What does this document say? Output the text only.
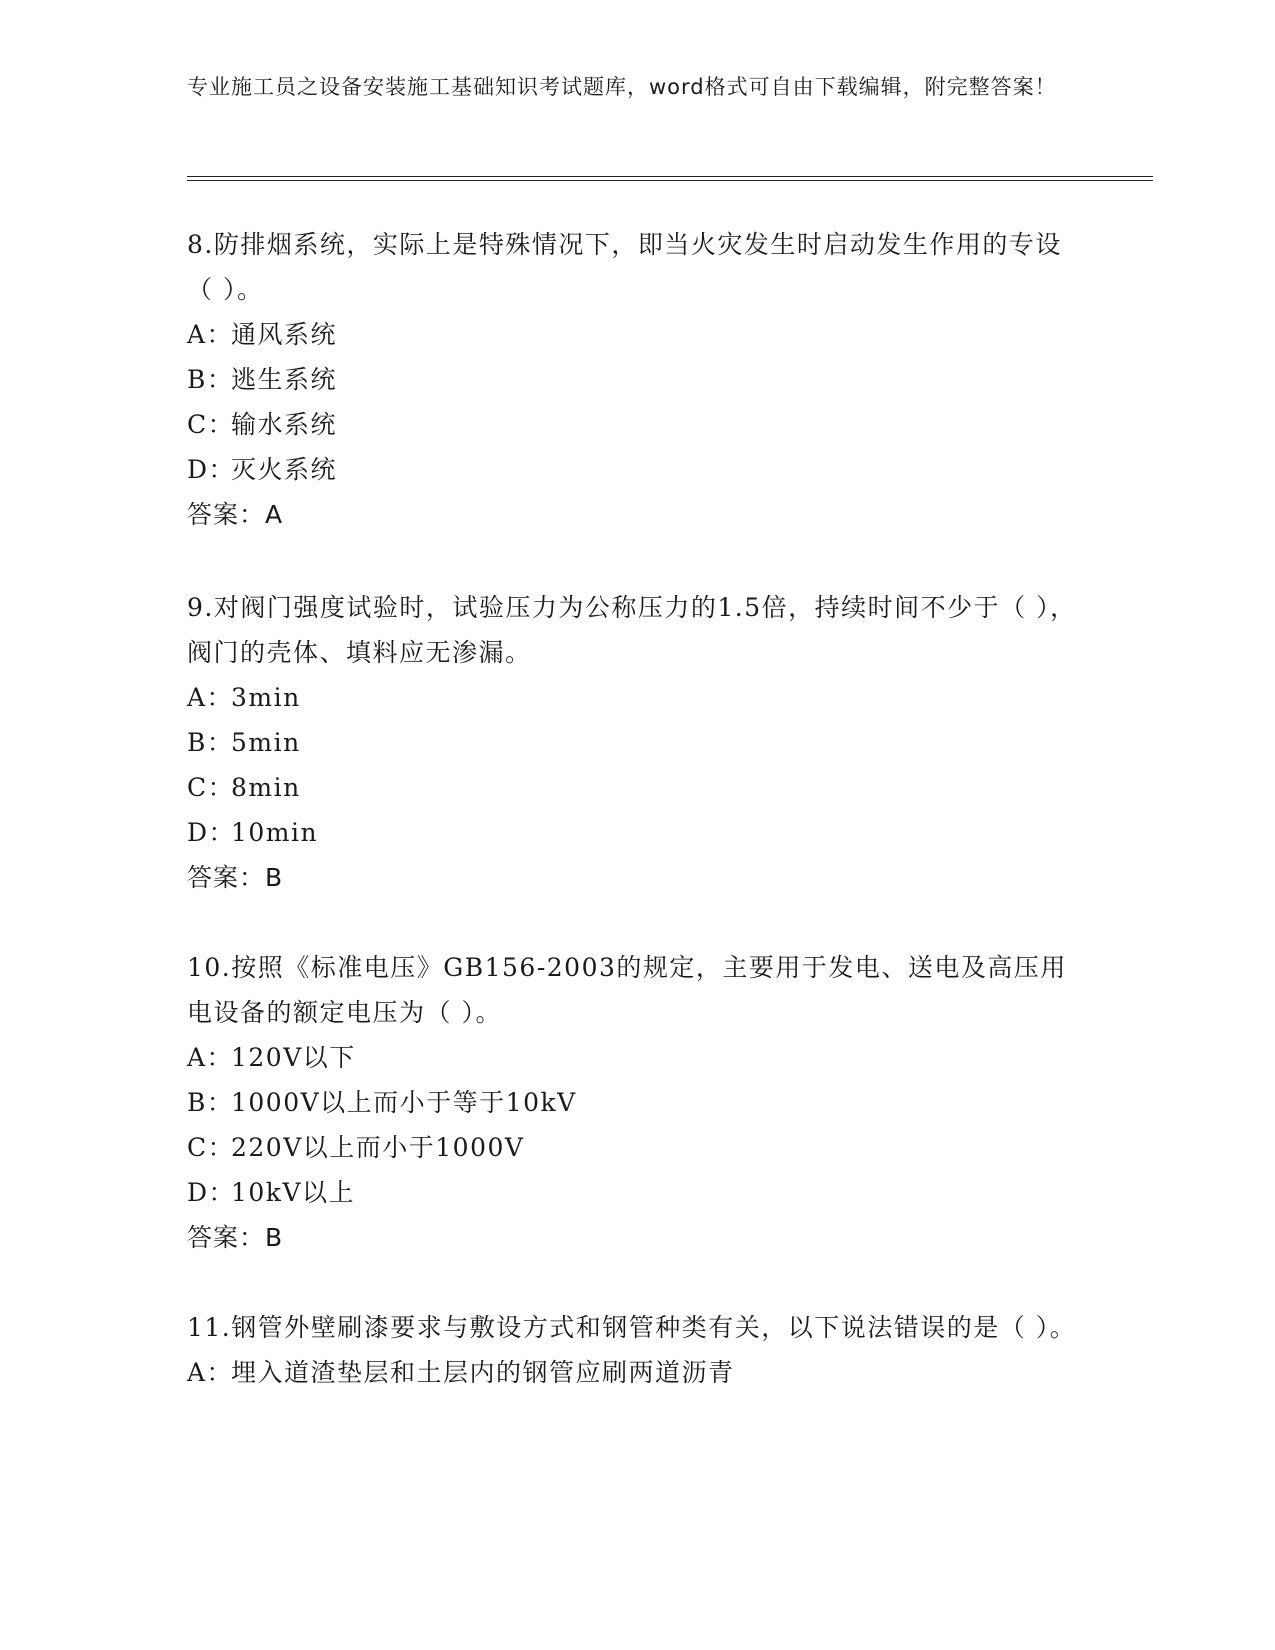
专业施工员之设备安装施工基础知识考试题库，word格式可自由下载编辑，附完整答案！

8.防排烟系统，实际上是特殊情况下，即当火灾发生时启动发生作用的专设（ ）。

A：通风系统

B：逃生系统

C：输水系统

D：灭火系统

答案：A

9.对阀门强度试验时，试验压力为公称压力的1.5倍，持续时间不少于（ ），阀门的壳体、填料应无渗漏。

A：3min

B：5min

C：8min

D：10min

答案：B

10.按照《标准电压》GB156-2003的规定，主要用于发电、送电及高压用电设备的额定电压为（ ）。

A：120V以下

B：1000V以上而小于等于10kV

C：220V以上而小于1000V

D：10kV以上

答案：B

11.钢管外壁刷漆要求与敷设方式和钢管种类有关，以下说法错误的是（ ）。

A：埋入道渣垫层和土层内的钢管应刷两道沥青
